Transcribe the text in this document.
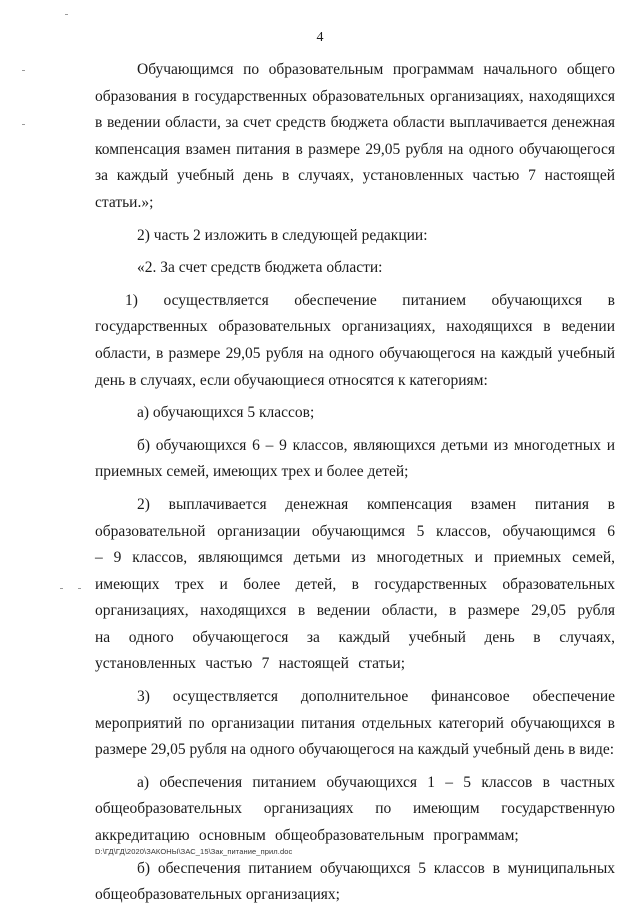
4

Обучающимся по образовательным программам начального общего образования в государственных образовательных организациях, находящихся в ведении области, за счет средств бюджета области выплачивается денежная компенсация взамен питания в размере 29,05 рубля на одного обучающегося за каждый учебный день в случаях, установленных частью 7 настоящей статьи.»;

2) часть 2 изложить в следующей редакции:

«2. За счет средств бюджета области:

1) осуществляется обеспечение питанием обучающихся в государственных образовательных организациях, находящихся в ведении области, в размере 29,05 рубля на одного обучающегося на каждый учебный день в случаях, если обучающиеся относятся к категориям:

а) обучающихся 5 классов;

б) обучающихся 6 – 9 классов, являющихся детьми из многодетных и приемных семей, имеющих трех и более детей;

2) выплачивается денежная компенсация взамен питания в образовательной организации обучающимся 5 классов, обучающимся 6 – 9 классов, являющимся детьми из многодетных и приемных семей, имеющих трех и более детей, в государственных образовательных организациях, находящихся в ведении области, в размере 29,05 рубля на одного обучающегося за каждый учебный день в случаях, установленных частью 7 настоящей статьи;

3) осуществляется дополнительное финансовое обеспечение мероприятий по организации питания отдельных категорий обучающихся в размере 29,05 рубля на одного обучающегося на каждый учебный день в виде:

а) обеспечения питанием обучающихся 1 – 5 классов в частных общеобразовательных организациях по имеющим государственную аккредитацию основным общеобразовательным программам;

б) обеспечения питанием обучающихся 5 классов в муниципальных общеобразовательных организациях;

D:\ГД\ГД\2020\ЗАКОНЫ\ЗАС_15\Зак_питание_прил.doc
